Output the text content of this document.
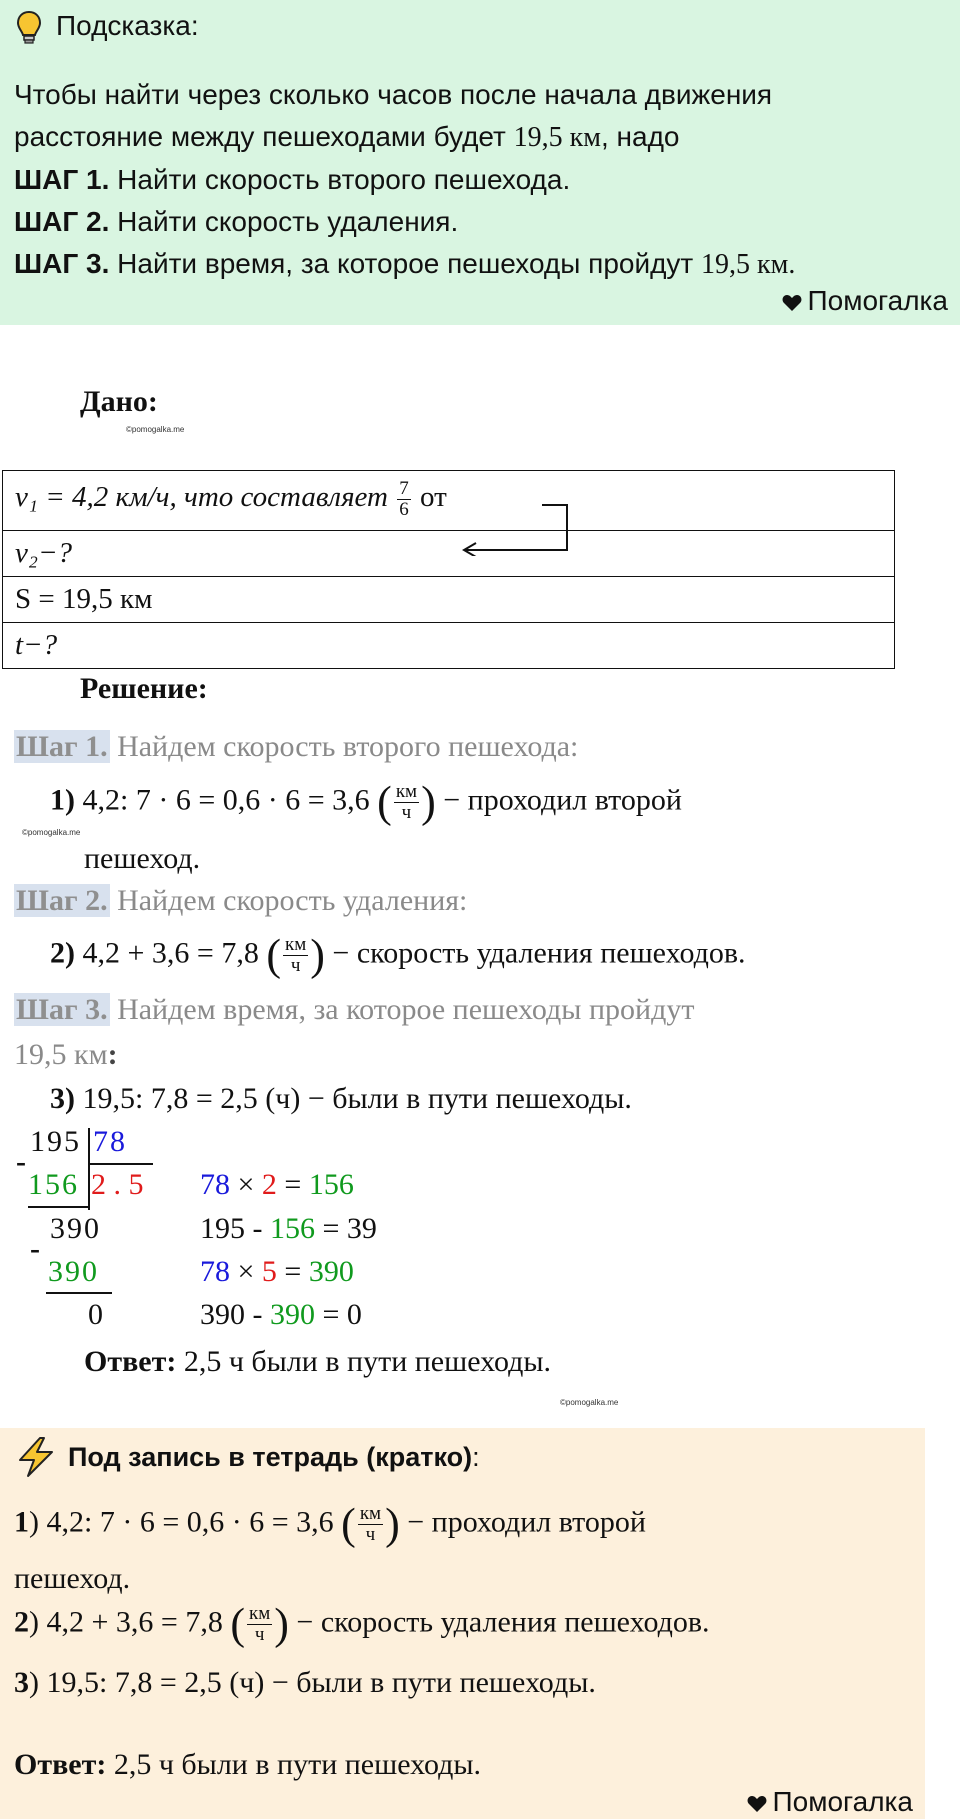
Подсказка:
Чтобы найти через сколько часов после начала движения
расстояние между пешеходами будет 19,5 км, надо
ШАГ 1. Найти скорость второго пешехода.
ШАГ 2. Найти скорость удаления.
ШАГ 3. Найти время, за которое пешеходы пройдут 19,5 км.
Помогалка
Дано:
©pomogalka.me
v₁ = 4,2 км/ч, что составляет $\frac{7}{6}$ от
v₂−?
S = 19,5 км
t−?
Решение:
Шаг 1. Найдем скорость второго пешехода:
1) 4,2: 7 · 6 = 0,6 · 6 = 3,6 ( $\frac{км}{ч}$ ) − проходил второй
©pomogalka.me
пешеход.
Шаг 2. Найдем скорость удаления:
2) 4,2 + 3,6 = 7,8 ( $\frac{км}{ч}$ ) − скорость удаления пешеходов.
Шаг 3. Найдем время, за которое пешеходы пройдут
19,5 км:
3) 19,5: 7,8 = 2,5 (ч) − были в пути пешеходы.
195 78
-
156 2 . 5
390
-
390
0
78 × 2 = 156
195 - 156 = 39
78 × 5 = 390
390 - 390 = 0
Ответ: 2,5 ч были в пути пешеходы.
©pomogalka.me
Под запись в тетрадь (кратко):
1) 4,2: 7 · 6 = 0,6 · 6 = 3,6 ( $\frac{км}{ч}$ ) − проходил второй
пешеход.
2) 4,2 + 3,6 = 7,8 ( $\frac{км}{ч}$ ) − скорость удаления пешеходов.
3) 19,5: 7,8 = 2,5 (ч) − были в пути пешеходы.
Ответ: 2,5 ч были в пути пешеходы.
Помогалка
